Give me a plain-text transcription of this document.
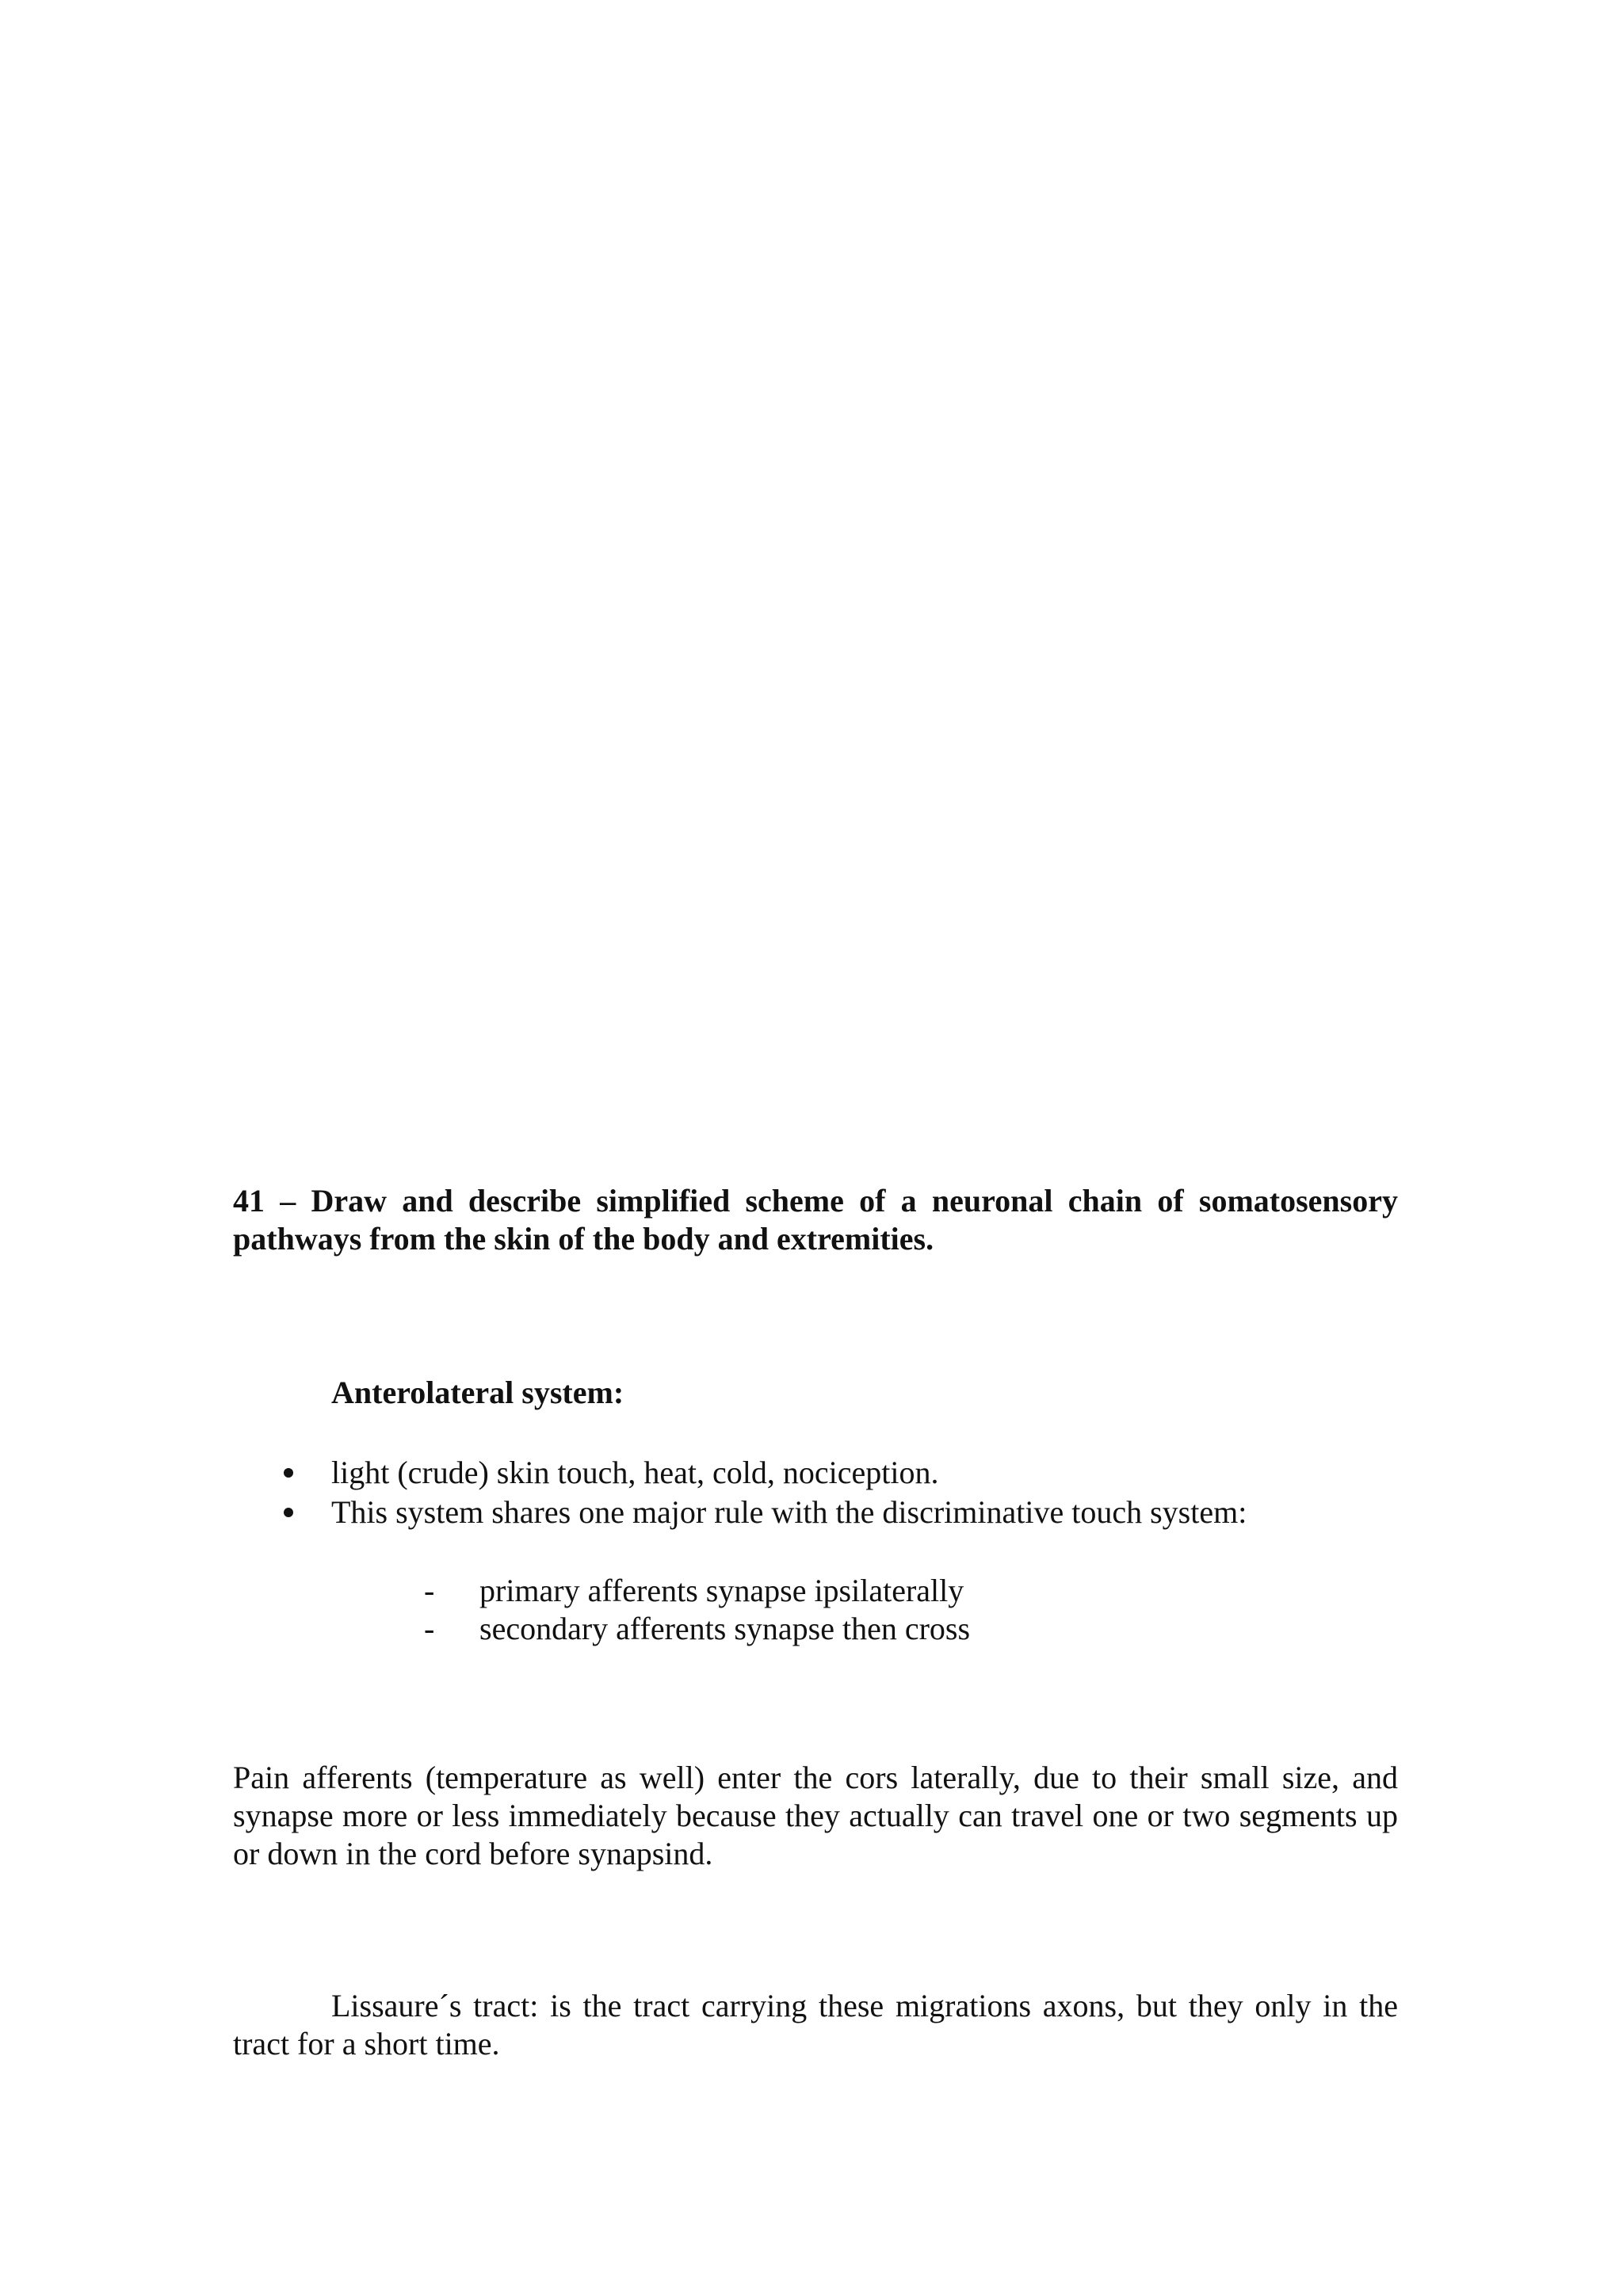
41 – Draw and describe simplified scheme of a neuronal chain of somatosensory pathways from the skin of the body and extremities.

Anterolateral system:

light (crude) skin touch, heat, cold, nociception.
This system shares one major rule with the discriminative touch system:
- primary afferents synapse ipsilaterally
- secondary afferents synapse then cross

Pain afferents (temperature as well) enter the cors laterally, due to their small size, and synapse more or less immediately because they actually can travel one or two segments up or down in the cord before synapsind.

Lissaure´s tract: is the tract carrying these migrations axons, but they only in the tract for a short time.
